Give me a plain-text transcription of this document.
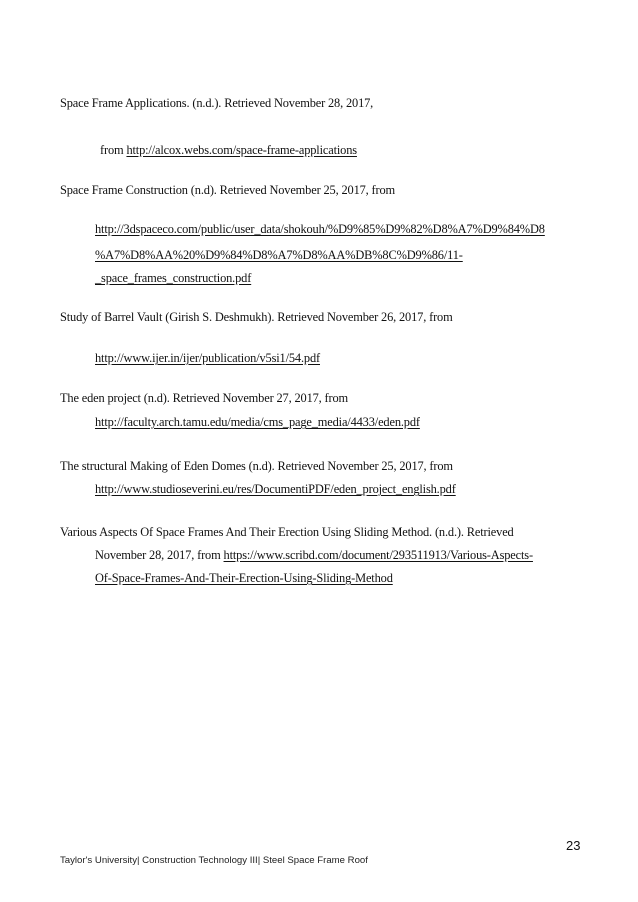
Space Frame Applications. (n.d.). Retrieved November 28, 2017,
from http://alcox.webs.com/space-frame-applications
Space Frame Construction (n.d). Retrieved November 25, 2017, from
http://3dspaceco.com/public/user_data/shokouh/%D9%85%D9%82%D8%A7%D9%84%D8
%A7%D8%AA%20%D9%84%D8%A7%D8%AA%DB%8C%D9%86/11-
_space_frames_construction.pdf
Study of Barrel Vault (Girish S. Deshmukh). Retrieved November 26, 2017, from
http://www.ijer.in/ijer/publication/v5si1/54.pdf
The eden project (n.d). Retrieved November 27, 2017, from
http://faculty.arch.tamu.edu/media/cms_page_media/4433/eden.pdf
The structural Making of Eden Domes (n.d). Retrieved November 25, 2017, from
http://www.studioseverini.eu/res/DocumentiPDF/eden_project_english.pdf
Various Aspects Of Space Frames And Their Erection Using Sliding Method. (n.d.). Retrieved
November 28, 2017, from https://www.scribd.com/document/293511913/Various-Aspects-
Of-Space-Frames-And-Their-Erection-Using-Sliding-Method
23
Taylor's University| Construction Technology III| Steel Space Frame Roof
